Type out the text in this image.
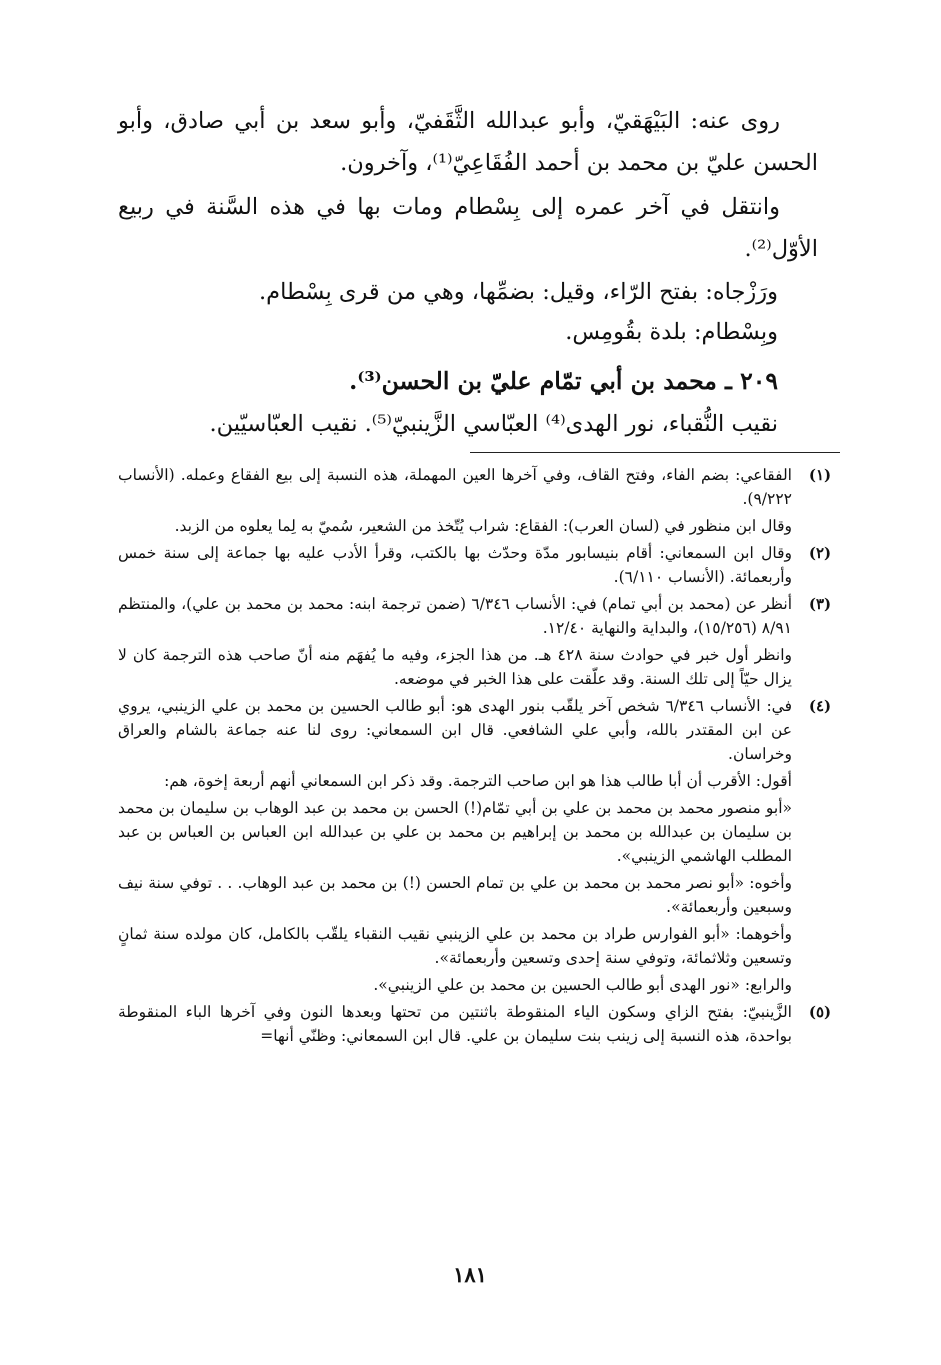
روى عنه: البَيْهَقيّ، وأبو عبدالله الثَّقَفيّ، وأبو سعد بن أبي صادق، وأبو الحسن عليّ بن محمد بن أحمد الفُقَاعِيّ⁽¹⁾، وآخرون.

وانتقل في آخر عمره إلى بِسْطام ومات بها في هذه السَّنة في ربيع الأوّل⁽²⁾.

ورَزْجاه: بفتح الرّاء، وقيل: بضمِّها، وهي من قرى بِسْطام.

وبِسْطام: بلدة بقُومِس.

٢٠٩ ـ محمد بن أبي تمّام عليّ بن الحسن⁽³⁾.

نقيب النُّقباء، نور الهدى⁽⁴⁾ العبّاسي الزَّينبيّ⁽⁵⁾. نقيب العبّاسيّين.

(١)

الفقاعي: بضم الفاء، وفتح القاف، وفي آخرها العين المهملة، هذه النسبة إلى بيع الفقاع وعمله. (الأنساب ٩/٢٢٢).

وقال ابن منظور في (لسان العرب): الفقاع: شراب يُتّخذ من الشعير، سُميّ به لِما يعلوه من الزبد.

(٢)

وقال ابن السمعاني: أقام بنيسابور مدّة وحدّث بها بالكتب، وقرأ الأدب عليه بها جماعة إلى سنة خمس وأربعمائة. (الأنساب ٦/١١٠).

(٣)

أنظر عن (محمد بن أبي تمام) في: الأنساب ٦/٣٤٦ (ضمن ترجمة ابنه: محمد بن محمد بن علي)، والمنتظم ٨/٩١ (١٥/٢٥٦)، والبداية والنهاية ١٢/٤٠.

وانظر أول خبر في حوادث سنة ٤٢٨ هـ. من هذا الجزء، وفيه ما يُفهَم منه أنّ صاحب هذه الترجمة كان لا يزال حيّاً إلى تلك السنة. وقد علّقت على هذا الخبر في موضعه.

(٤)

في: الأنساب ٦/٣٤٦ شخص آخر يلقّب بنور الهدى هو: أبو طالب الحسين بن محمد بن علي الزينبي، يروي عن ابن المقتدر بالله، وأبي علي الشافعي. قال ابن السمعاني: روى لنا عنه جماعة بالشام والعراق وخراسان.

أقول: الأقرب أن أبا طالب هذا هو ابن صاحب الترجمة. وقد ذكر ابن السمعاني أنهم أربعة إخوة، هم:

«أبو منصور محمد بن محمد بن علي بن أبي تمّام(!) الحسن بن محمد بن عبد الوهاب بن سليمان بن محمد بن سليمان بن عبدالله بن محمد بن إبراهيم بن محمد بن علي بن عبدالله ابن العباس بن العباس بن عبد المطلب الهاشمي الزينبي».

وأخوه: «أبو نصر محمد بن محمد بن علي بن تمام الحسن (!) بن محمد بن عبد الوهاب. . . توفي سنة نيف وسبعين وأربعمائة».

وأخوهما: «أبو الفوارس طراد بن محمد بن علي الزينبي نقيب النقباء يلقّب بالكامل، كان مولده سنة ثمانٍ وتسعين وثلاثمائة، وتوفي سنة إحدى وتسعين وأربعمائة».

والرابع: «نور الهدى أبو طالب الحسين بن محمد بن علي الزينبي».

(٥)

الزَّينبيّ: بفتح الزاي وسكون الياء المنقوطة باثنتين من تحتها وبعدها النون وفي آخرها الباء المنقوطة بواحدة، هذه النسبة إلى زينب بنت سليمان بن علي. قال ابن السمعاني: وظنّي أنها=

١٨١
